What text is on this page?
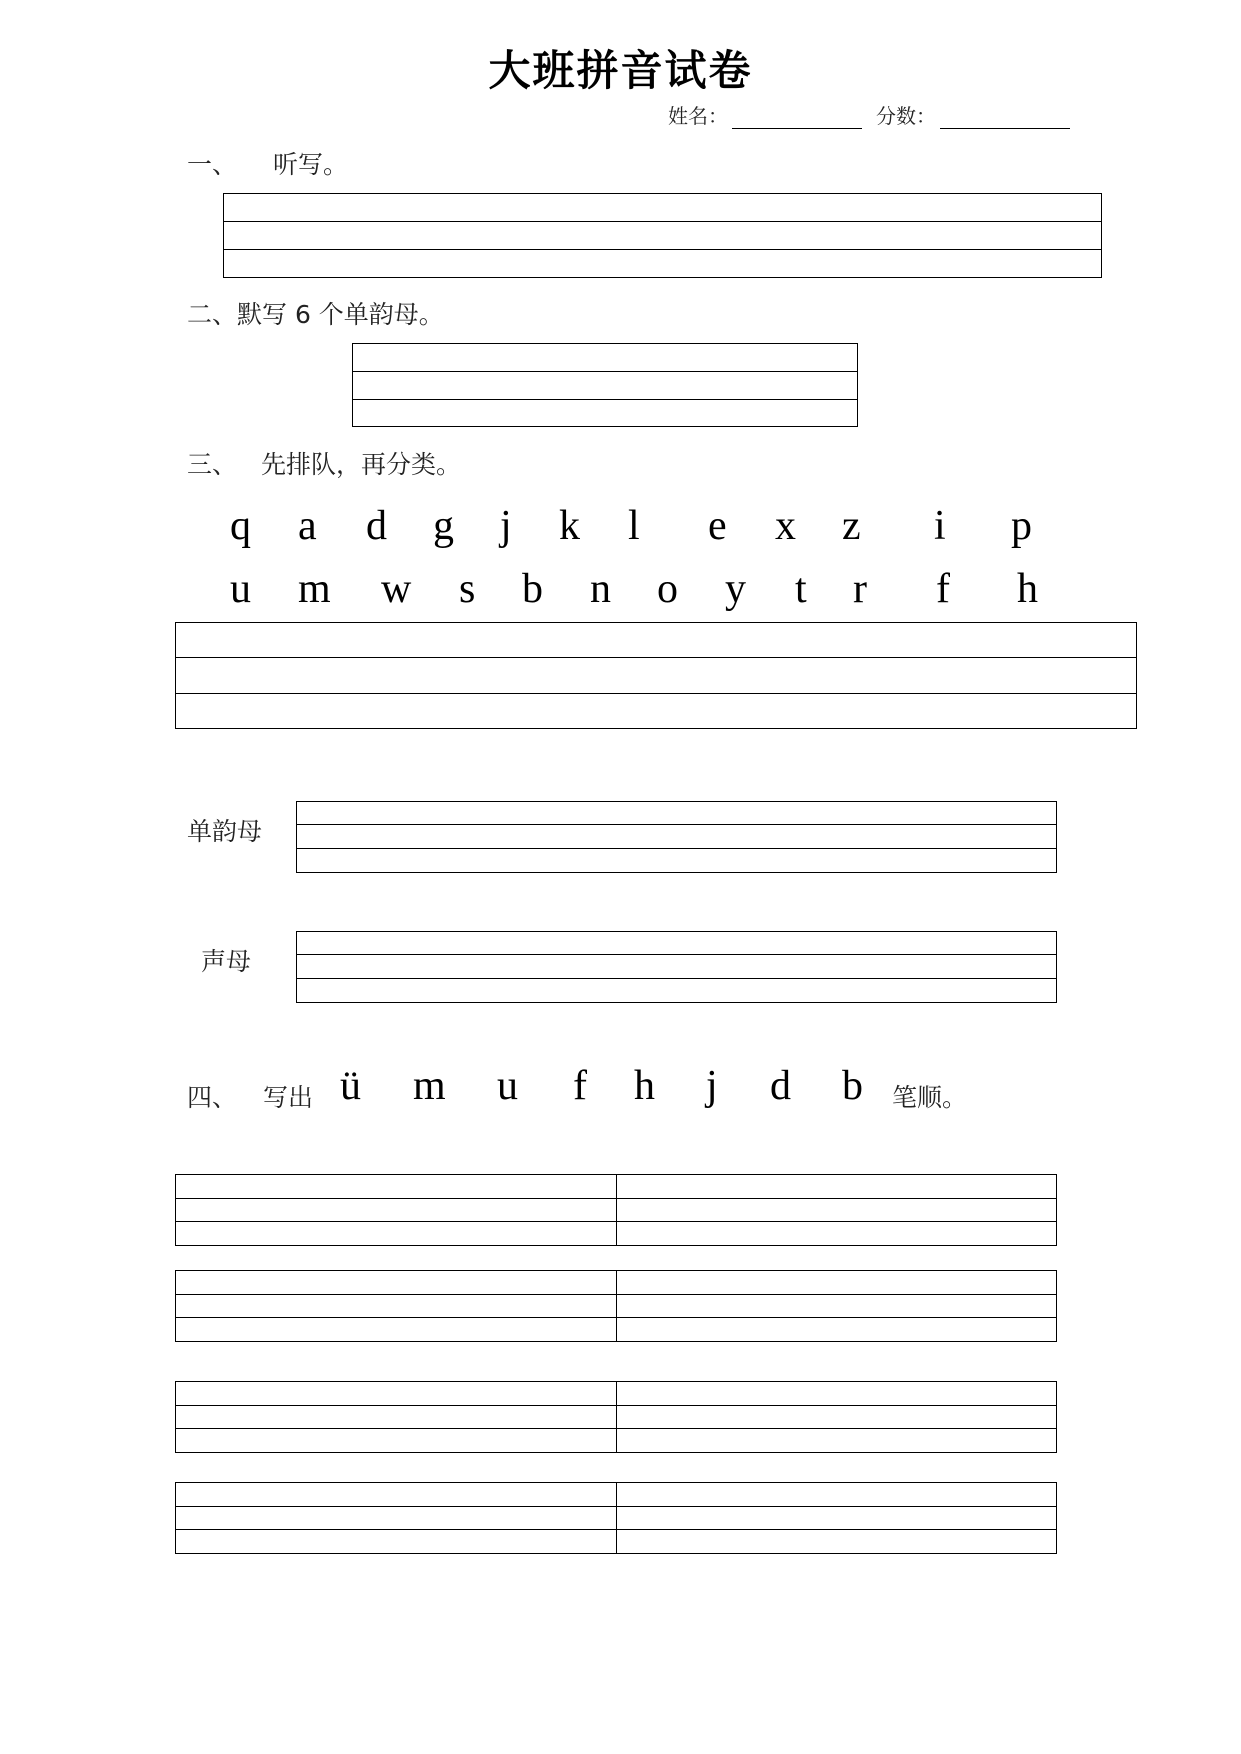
大班拼音试卷
姓名：	分数：
一、 听写。
二、默写 6 个单韵母。
三、 先排队，再分类。
q a d g j k l e x z i p
u m w s b n o y t r f h
单韵母
声母
四、 写出 ü m u f h j d b 笔顺。
